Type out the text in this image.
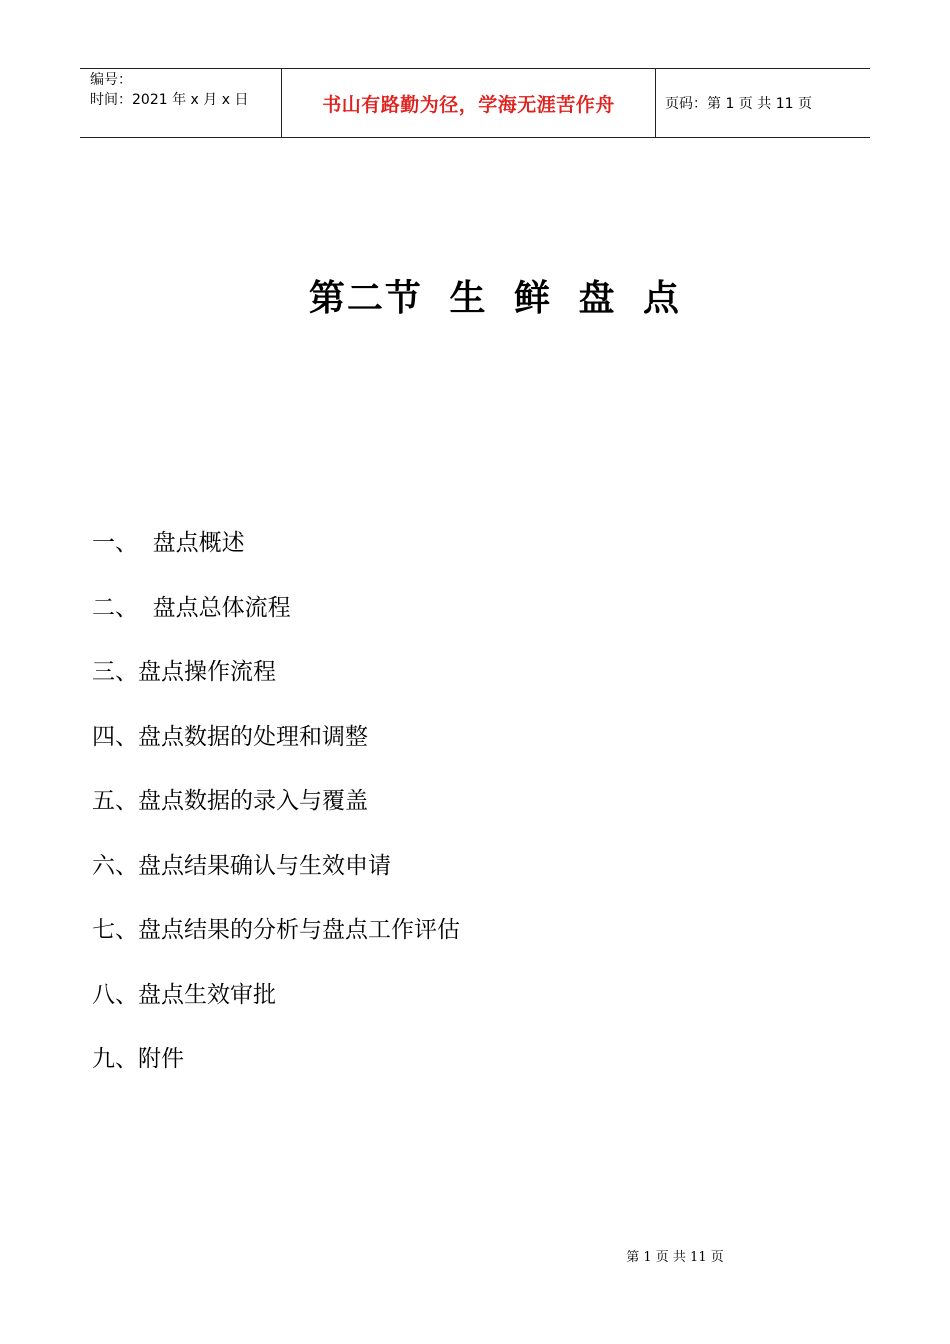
编号：
时间：2021 年 x 月 x 日	书山有路勤为径，学海无涯苦作舟	页码：第 1 页 共 11 页
第二节 生 鲜 盘 点
一、  盘点概述
二、  盘点总体流程
三、盘点操作流程
四、盘点数据的处理和调整
五、盘点数据的录入与覆盖
六、盘点结果确认与生效申请
七、盘点结果的分析与盘点工作评估
八、盘点生效审批
九、附件
第 1 页 共 11 页
